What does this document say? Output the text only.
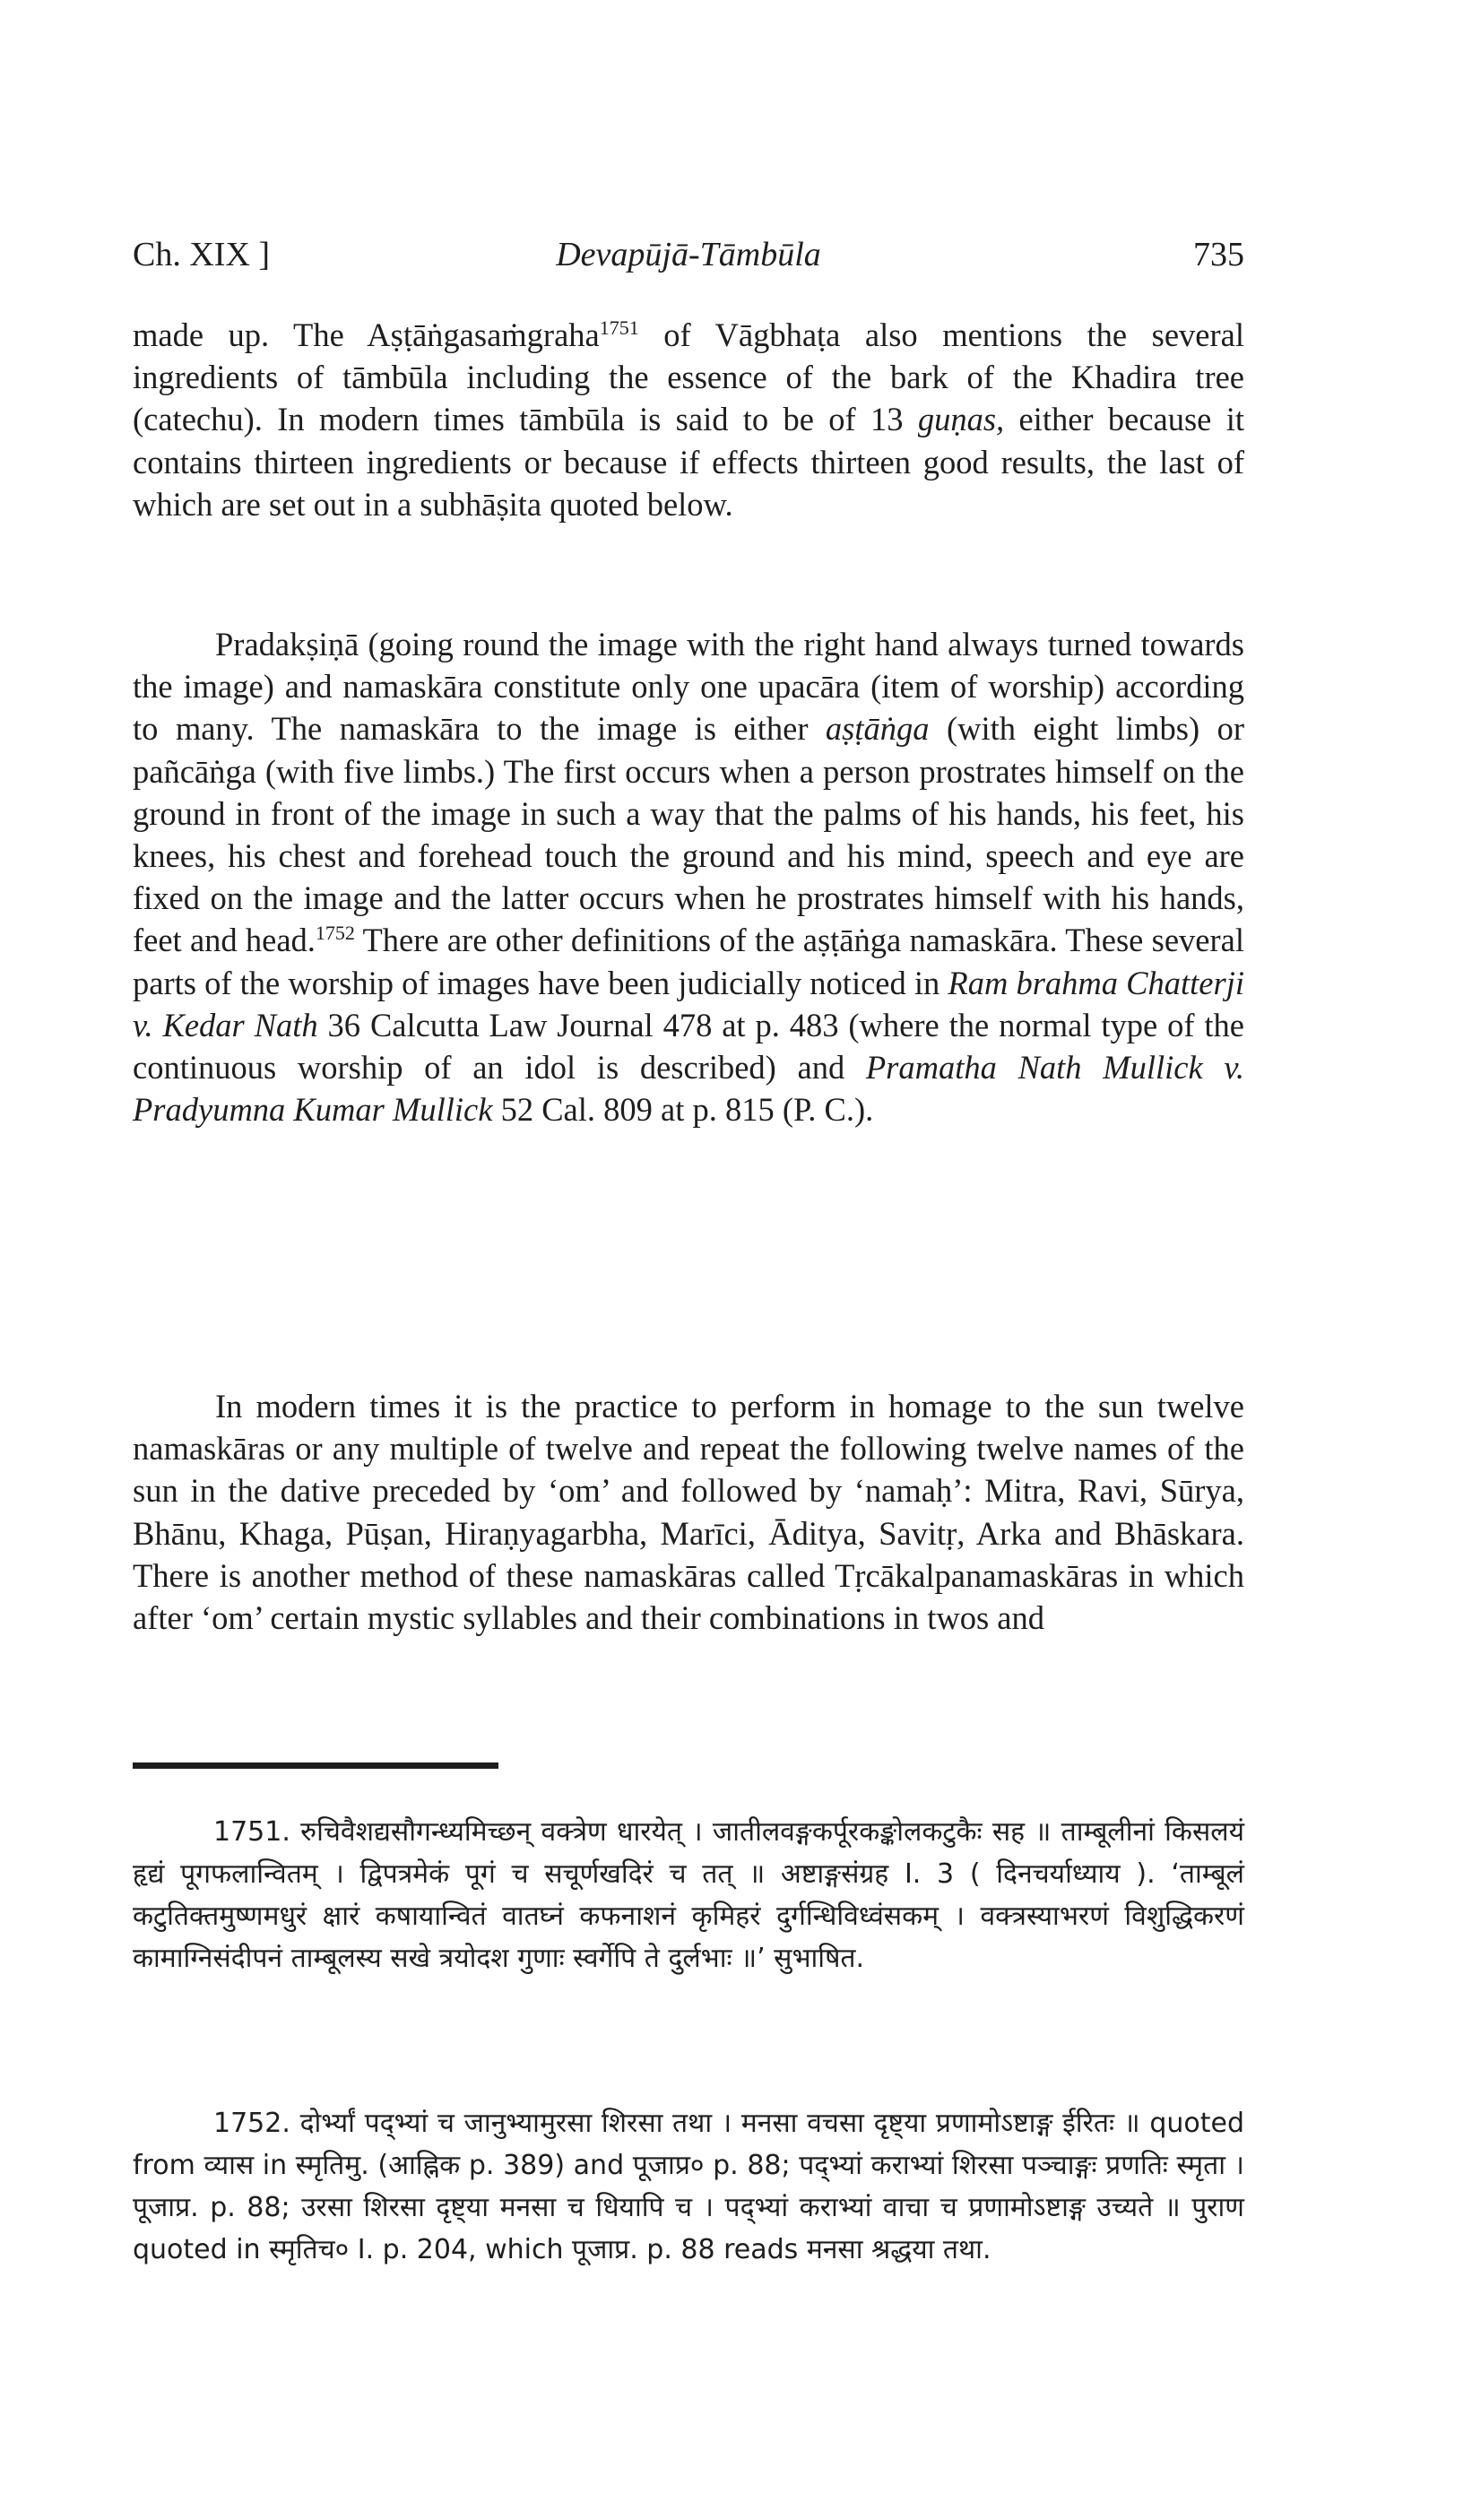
Ch. XIX ]	Devapūjā-Tāmbūla	735

made up. The Aṣṭāṅgasaṁgraha$^{1751}$ of Vāgbhaṭa also mentions the several ingredients of tāmbūla including the essence of the bark of the Khadira tree (catechu). In modern times tāmbūla is said to be of 13 guṇas, either because it contains thirteen ingredients or because if effects thirteen good results, the last of which are set out in a subhāṣita quoted below.

Pradakṣiṇā (going round the image with the right hand always turned towards the image) and namaskāra constitute only one upacāra (item of worship) according to many. The namaskāra to the image is either aṣṭāṅga (with eight limbs) or pañcāṅga (with five limbs.) The first occurs when a person prostrates himself on the ground in front of the image in such a way that the palms of his hands, his feet, his knees, his chest and forehead touch the ground and his mind, speech and eye are fixed on the image and the latter occurs when he prostrates himself with his hands, feet and head.$^{1752}$ There are other definitions of the aṣṭāṅga namaskāra. These several parts of the worship of images have been judicially noticed in Ram brahma Chatterji v. Kedar Nath 36 Calcutta Law Journal 478 at p. 483 (where the normal type of the continuous worship of an idol is described) and Pramatha Nath Mullick v. Pradyumna Kumar Mullick 52 Cal. 809 at p. 815 (P. C.).

In modern times it is the practice to perform in homage to the sun twelve namaskāras or any multiple of twelve and repeat the following twelve names of the sun in the dative preceded by ‘om’ and followed by ‘namaḥ’: Mitra, Ravi, Sūrya, Bhānu, Khaga, Pūṣan, Hiraṇyagarbha, Marīci, Āditya, Savitṛ, Arka and Bhāskara. There is another method of these namaskāras called Tṛcākalpanamaskāras in which after ‘om’ certain mystic syllables and their combinations in twos and

1751. रुचिवैशद्यसौगन्ध्यमिच्छन् वक्त्रेण धारयेत् । जातीलवङ्गकर्पूरकङ्कोलकटुकैः सह ॥ ताम्बूलीनां किसलयं हृद्यं पूगफलान्वितम् । द्विपत्रमेकं पूगं च सचूर्णखदिरं च तत् ॥ अष्टाङ्गसंग्रह I. 3 ( दिनचर्याध्याय ). ‘ताम्बूलं कटुतिक्तमुष्णमधुरं क्षारं कषायान्वितं वातघ्नं कफनाशनं कृमिहरं दुर्गन्धिविध्वंसकम् । वक्त्रस्याभरणं विशुद्धिकरणं कामाग्निसंदीपनं ताम्बूलस्य सखे त्रयोदश गुणाः स्वर्गेपि ते दुर्लभाः ॥’ सुभाषित.

1752. दोर्भ्यां पद्भ्यां च जानुभ्यामुरसा शिरसा तथा । मनसा वचसा दृष्ट्या प्रणामोऽष्टाङ्ग ईरितः ॥ quoted from व्यास in स्मृतिमु. (आह्निक p. 389) and पूजाप्र० p. 88; पद्भ्यां कराभ्यां शिरसा पञ्चाङ्गः प्रणतिः स्मृता । पूजाप्र. p. 88; उरसा शिरसा दृष्ट्या मनसा च धियापि च । पद्भ्यां कराभ्यां वाचा च प्रणामोऽष्टाङ्ग उच्यते ॥ पुराण quoted in स्मृतिच० I. p. 204, which पूजाप्र. p. 88 reads मनसा श्रद्धया तथा.
